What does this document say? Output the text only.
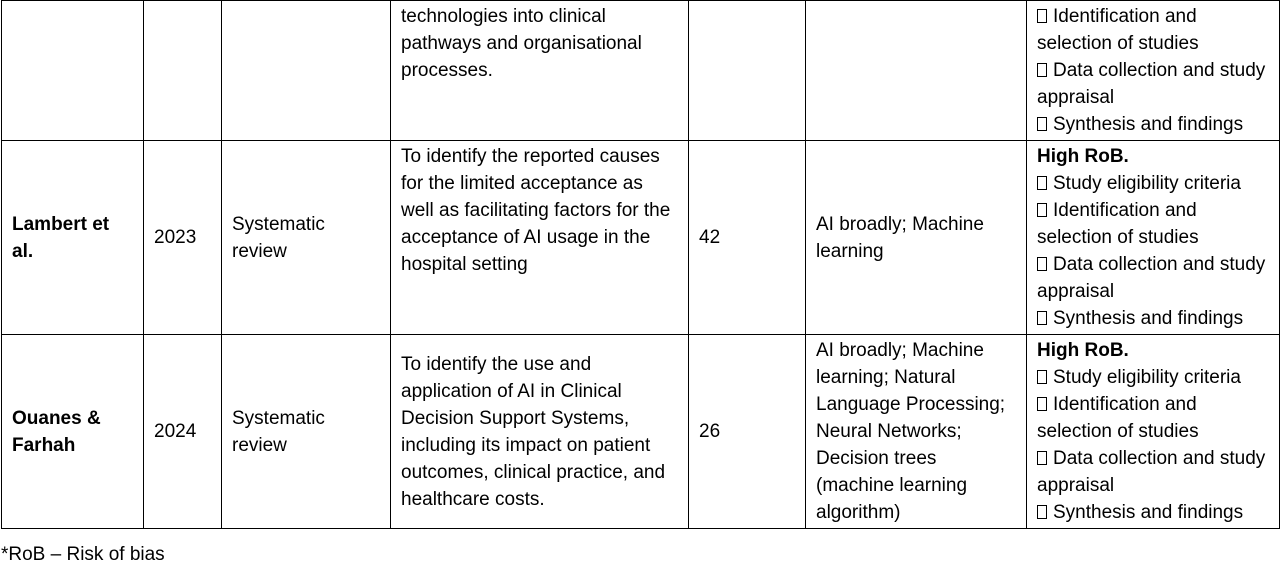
			technologies into clinical pathways and organisational processes.			Identification and selection of studies
Data collection and study appraisal
Synthesis and findings

Lambert et al.	2023	Systematic review	To identify the reported causes for the limited acceptance as well as facilitating factors for the acceptance of AI usage in the hospital setting	42	AI broadly; Machine learning	High RoB.
Study eligibility criteria
Identification and selection of studies
Data collection and study appraisal
Synthesis and findings

Ouanes & Farhah	2024	Systematic review	To identify the use and application of AI in Clinical Decision Support Systems, including its impact on patient outcomes, clinical practice, and healthcare costs.	26	AI broadly; Machine learning; Natural Language Processing; Neural Networks; Decision trees (machine learning algorithm)	High RoB.
Study eligibility criteria
Identification and selection of studies
Data collection and study appraisal
Synthesis and findings
*RoB – Risk of bias
